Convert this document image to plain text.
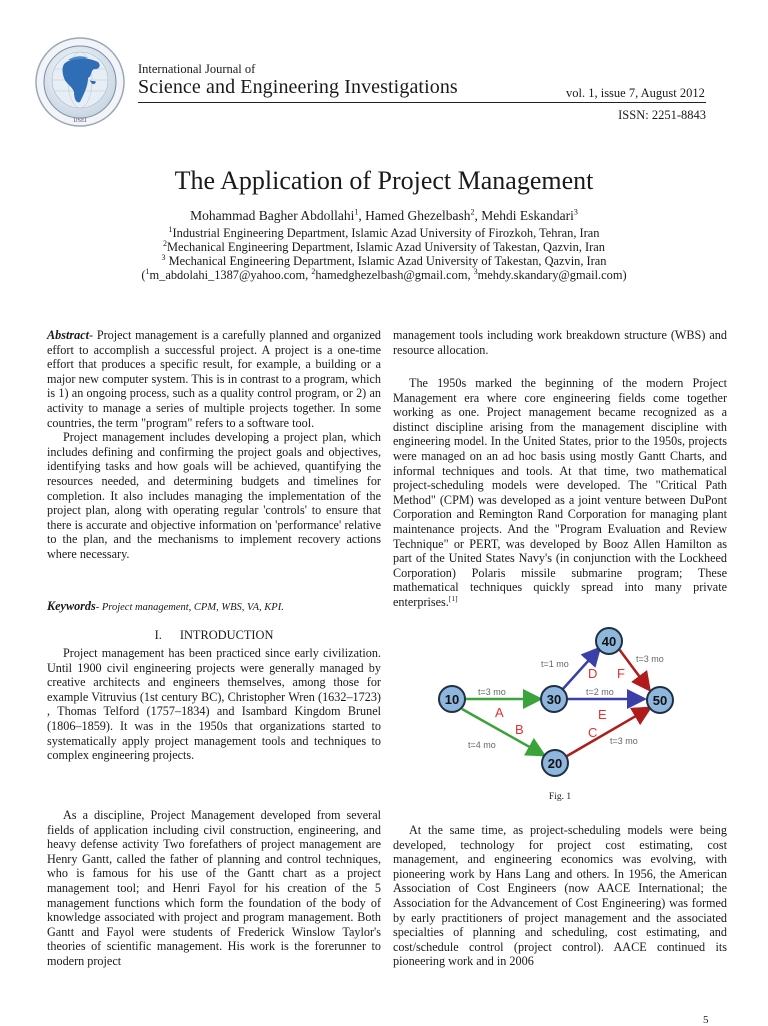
IJSEI
International Journal of
Science and Engineering Investigations	vol. 1, issue 7, August 2012
ISSN: 2251-8843
The Application of Project Management
Mohammad Bagher Abdollahi$^1$, Hamed Ghezelbash$^2$, Mehdi Eskandari$^3$
$^1$Industrial Engineering Department, Islamic Azad University of Firozkoh, Tehran, Iran
$^2$Mechanical Engineering Department, Islamic Azad University of Takestan, Qazvin, Iran
$^3$ Mechanical Engineering Department, Islamic Azad University of Takestan, Qazvin, Iran
($^1$m_abdolahi_1387@yahoo.com, $^2$hamedghezelbash@gmail.com, $^3$mehdy.skandary@gmail.com)

Abstract- Project management is a carefully planned and organized effort to accomplish a successful project. A project is a one-time effort that produces a specific result, for example, a building or a major new computer system. This is in contrast to a program, which is 1) an ongoing process, such as a quality control program, or 2) an activity to manage a series of multiple projects together. In some countries, the term "program" refers to a software tool.

Project management includes developing a project plan, which includes defining and confirming the project goals and objectives, identifying tasks and how goals will be achieved, quantifying the resources needed, and determining budgets and timelines for completion. It also includes managing the implementation of the project plan, along with operating regular 'controls' to ensure that there is accurate and objective information on 'performance' relative to the plan, and the mechanisms to implement recovery actions where necessary.

Keywords- Project management, CPM, WBS, VA, KPI.

I. INTRODUCTION

Project management has been practiced since early civilization. Until 1900 civil engineering projects were generally managed by creative architects and engineers themselves, among those for example Vitruvius (1st century BC), Christopher Wren (1632–1723) , Thomas Telford (1757–1834) and Isambard Kingdom Brunel (1806–1859). It was in the 1950s that organizations started to systematically apply project management tools and techniques to complex engineering projects.

As a discipline, Project Management developed from several fields of application including civil construction, engineering, and heavy defense activity Two forefathers of project management are Henry Gantt, called the father of planning and control techniques, who is famous for his use of the Gantt chart as a project management tool; and Henri Fayol for his creation of the 5 management functions which form the foundation of the body of knowledge associated with project and program management. Both Gantt and Fayol were students of Frederick Winslow Taylor's theories of scientific management. His work is the forerunner to modern project

management tools including work breakdown structure (WBS) and resource allocation.

The 1950s marked the beginning of the modern Project Management era where core engineering fields come together working as one. Project management became recognized as a distinct discipline arising from the management discipline with engineering model. In the United States, prior to the 1950s, projects were managed on an ad hoc basis using mostly Gantt Charts, and informal techniques and tools. At that time, two mathematical project-scheduling models were developed. The "Critical Path Method" (CPM) was developed as a joint venture between DuPont Corporation and Remington Rand Corporation for managing plant maintenance projects. And the "Program Evaluation and Review Technique" or PERT, was developed by Booz Allen Hamilton as part of the United States Navy's (in conjunction with the Lockheed Corporation) Polaris missile submarine program; These mathematical techniques quickly spread into many private enterprises.[1]

10	30
40
50
20
t=3 mo
t=4 mo	t=3 mo
t=1 mo
t=2 mo
t=3 mo
A
B	C
D
E
F
Fig. 1

At the same time, as project-scheduling models were being developed, technology for project cost estimating, cost management, and engineering economics was evolving, with pioneering work by Hans Lang and others. In 1956, the American Association of Cost Engineers (now AACE International; the Association for the Advancement of Cost Engineering) was formed by early practitioners of project management and the associated specialties of planning and scheduling, cost estimating, and cost/schedule control (project control). AACE continued its pioneering work and in 2006

5
